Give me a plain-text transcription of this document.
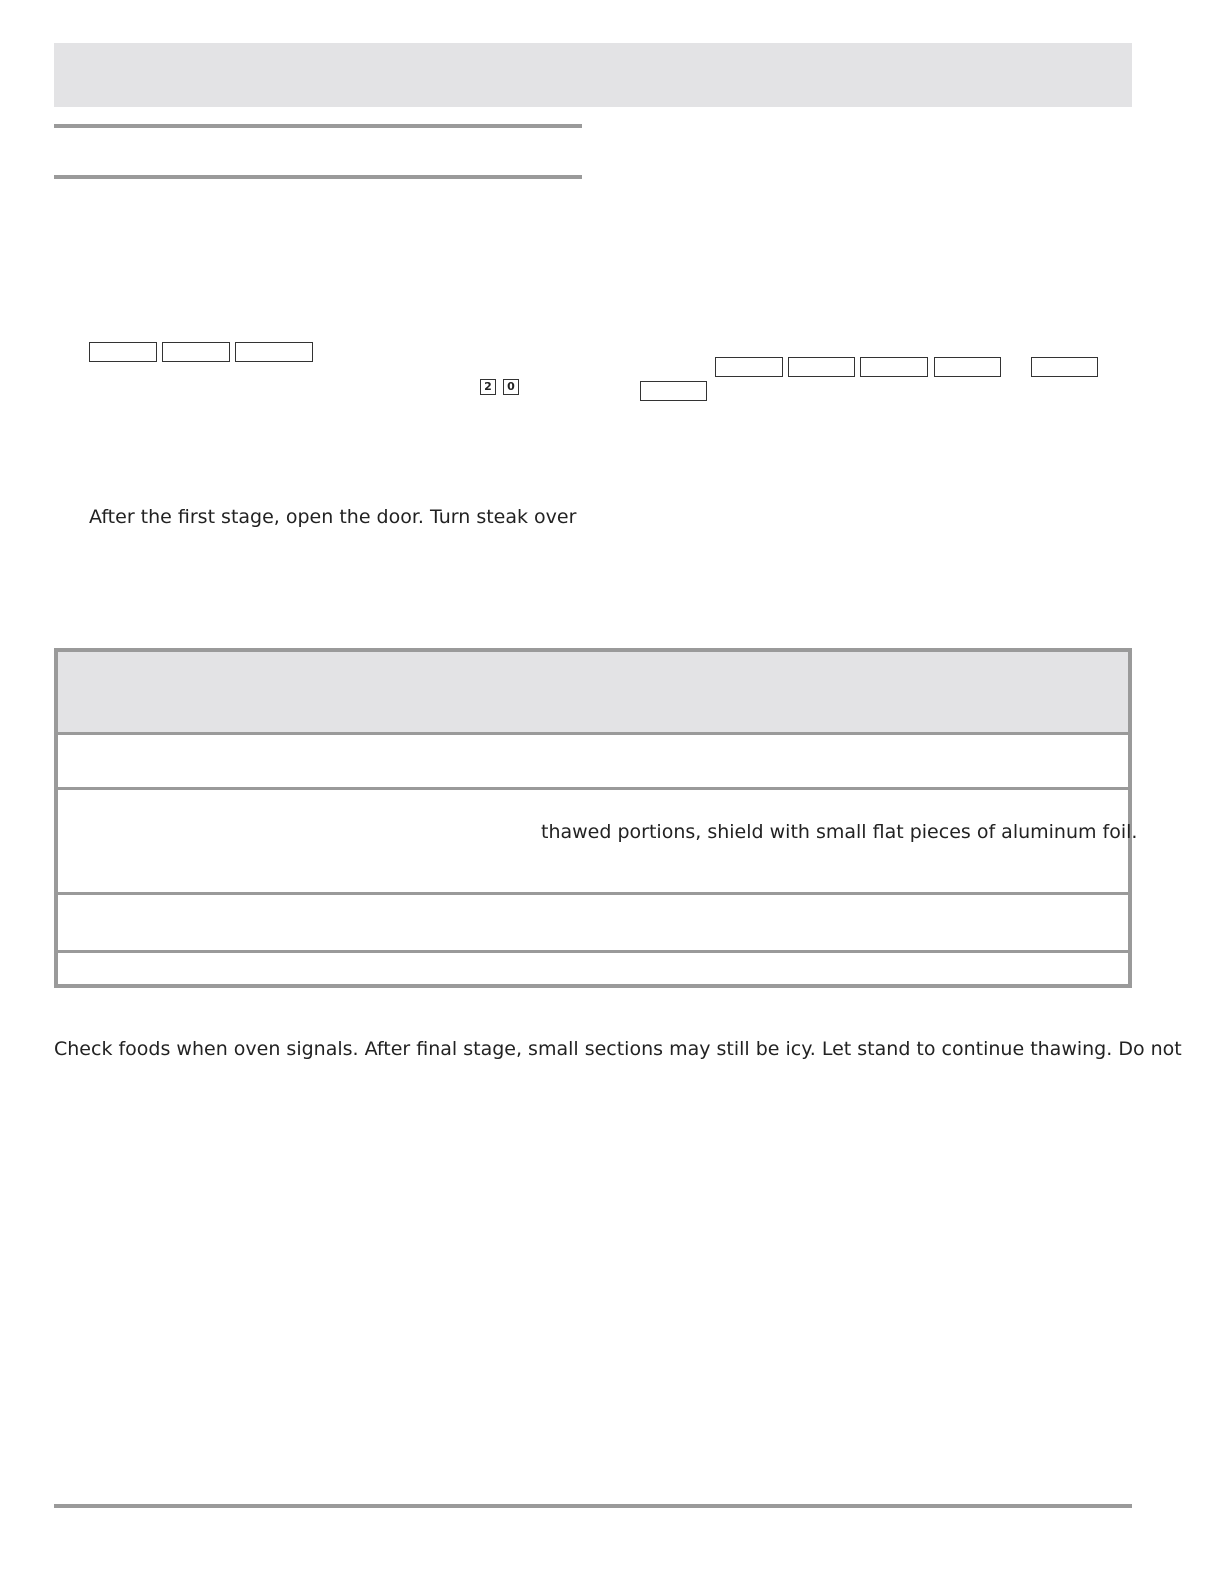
2	0
After the first stage, open the door. Turn steak over
thawed portions, shield with small flat pieces of aluminum foil.
Check foods when oven signals. After final stage, small sections may still be icy. Let stand to continue thawing. Do not
